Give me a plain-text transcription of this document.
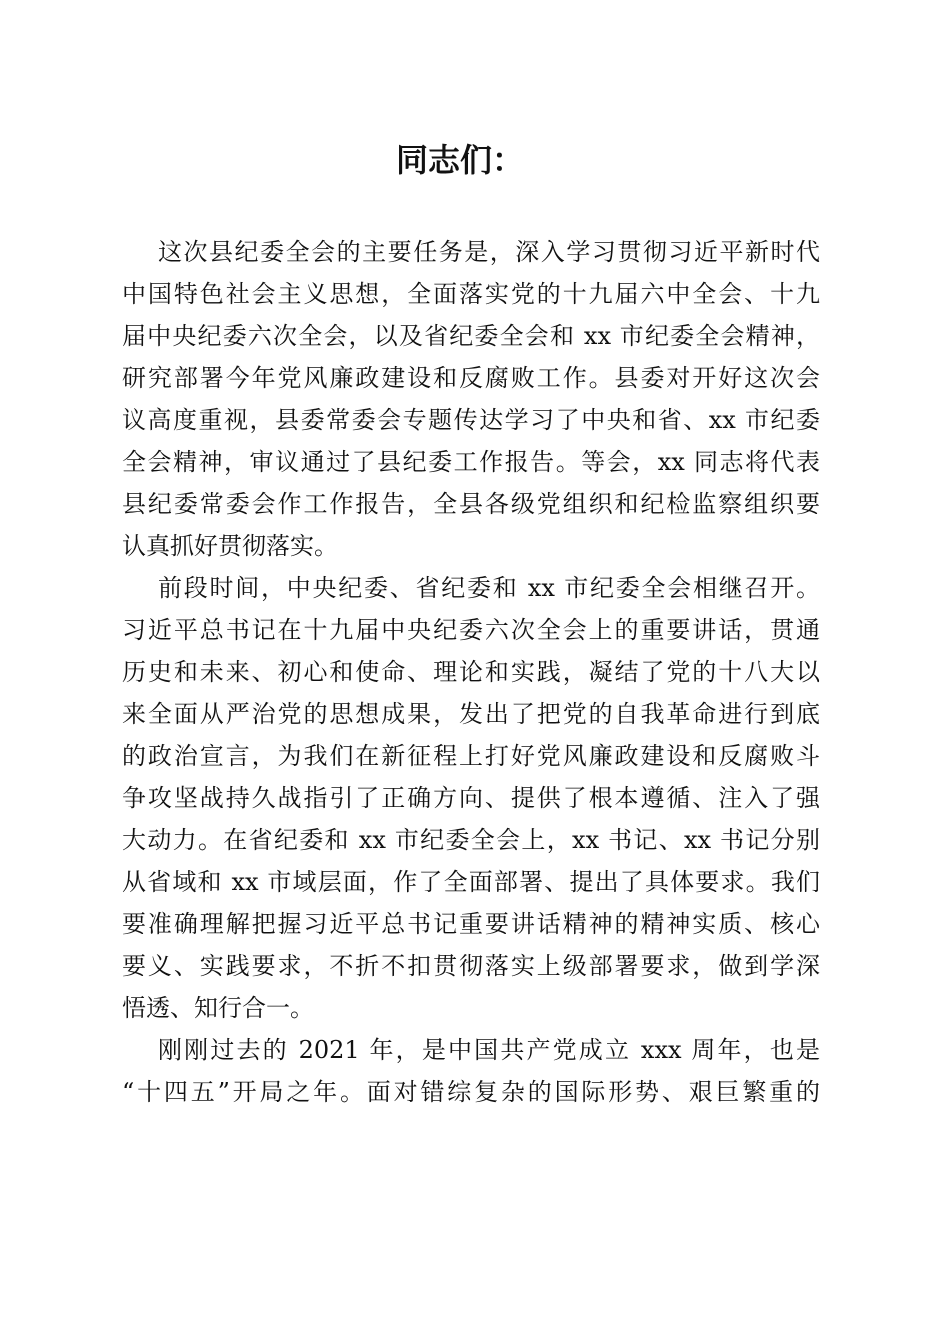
同志们：
这次县纪委全会的主要任务是，深入学习贯彻习近平新时代
中国特色社会主义思想，全面落实党的十九届六中全会、十九
届中央纪委六次全会，以及省纪委全会和 xx 市纪委全会精神，
研究部署今年党风廉政建设和反腐败工作。县委对开好这次会
议高度重视，县委常委会专题传达学习了中央和省、xx 市纪委
全会精神，审议通过了县纪委工作报告。等会，xx 同志将代表
县纪委常委会作工作报告，全县各级党组织和纪检监察组织要
认真抓好贯彻落实。
前段时间，中央纪委、省纪委和 xx 市纪委全会相继召开。
习近平总书记在十九届中央纪委六次全会上的重要讲话，贯通
历史和未来、初心和使命、理论和实践，凝结了党的十八大以
来全面从严治党的思想成果，发出了把党的自我革命进行到底
的政治宣言，为我们在新征程上打好党风廉政建设和反腐败斗
争攻坚战持久战指引了正确方向、提供了根本遵循、注入了强
大动力。在省纪委和 xx 市纪委全会上，xx 书记、xx 书记分别
从省域和 xx 市域层面，作了全面部署、提出了具体要求。我们
要准确理解把握习近平总书记重要讲话精神的精神实质、核心
要义、实践要求，不折不扣贯彻落实上级部署要求，做到学深
悟透、知行合一。
刚刚过去的 2021 年，是中国共产党成立 xxx 周年，也是
“十四五”开局之年。面对错综复杂的国际形势、艰巨繁重的
